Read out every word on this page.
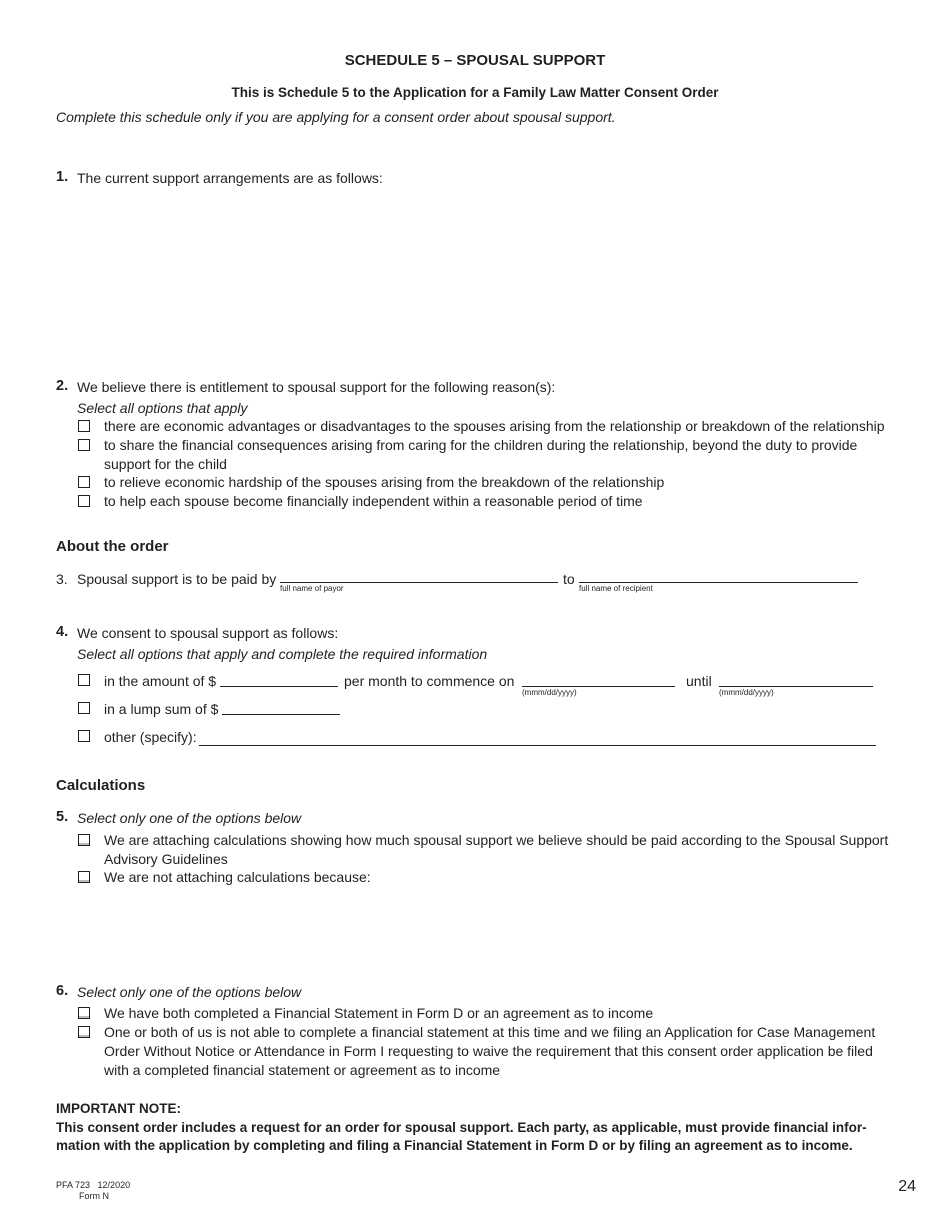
SCHEDULE 5 – SPOUSAL SUPPORT
This is Schedule 5 to the Application for a Family Law Matter Consent Order
Complete this schedule only if you are applying for a consent order about spousal support.
1. The current support arrangements are as follows:
2. We believe there is entitlement to spousal support for the following reason(s):
Select all options that apply
there are economic advantages or disadvantages to the spouses arising from the relationship or breakdown of the relationship
to share the financial consequences arising from caring for the children during the relationship, beyond the duty to provide
support for the child
to relieve economic hardship of the spouses arising from the breakdown of the relationship
to help each spouse become financially independent within a reasonable period of time
About the order
3. Spousal support is to be paid by
full name of payor
to
full name of recipient
4. We consent to spousal support as follows:
Select all options that apply and complete the required information
in the amount of $	per month to commence on
(mmm/dd/yyyy)
until
(mmm/dd/yyyy)
in a lump sum of $
other (specify):
Calculations
5. Select only one of the options below
We are attaching calculations showing how much spousal support we believe should be paid according to the Spousal Support
Advisory Guidelines
We are not attaching calculations because:
6. Select only one of the options below
We have both completed a Financial Statement in Form D or an agreement as to income
One or both of us is not able to complete a financial statement at this time and we filing an Application for Case Management
Order Without Notice or Attendance in Form I requesting to waive the requirement that this consent order application be filed
with a completed financial statement or agreement as to income
IMPORTANT NOTE:
This consent order includes a request for an order for spousal support. Each party, as applicable, must provide financial infor-
mation with the application by completing and filing a Financial Statement in Form D or by filing an agreement as to income.
PFA 723 12/2020
Form N
24
